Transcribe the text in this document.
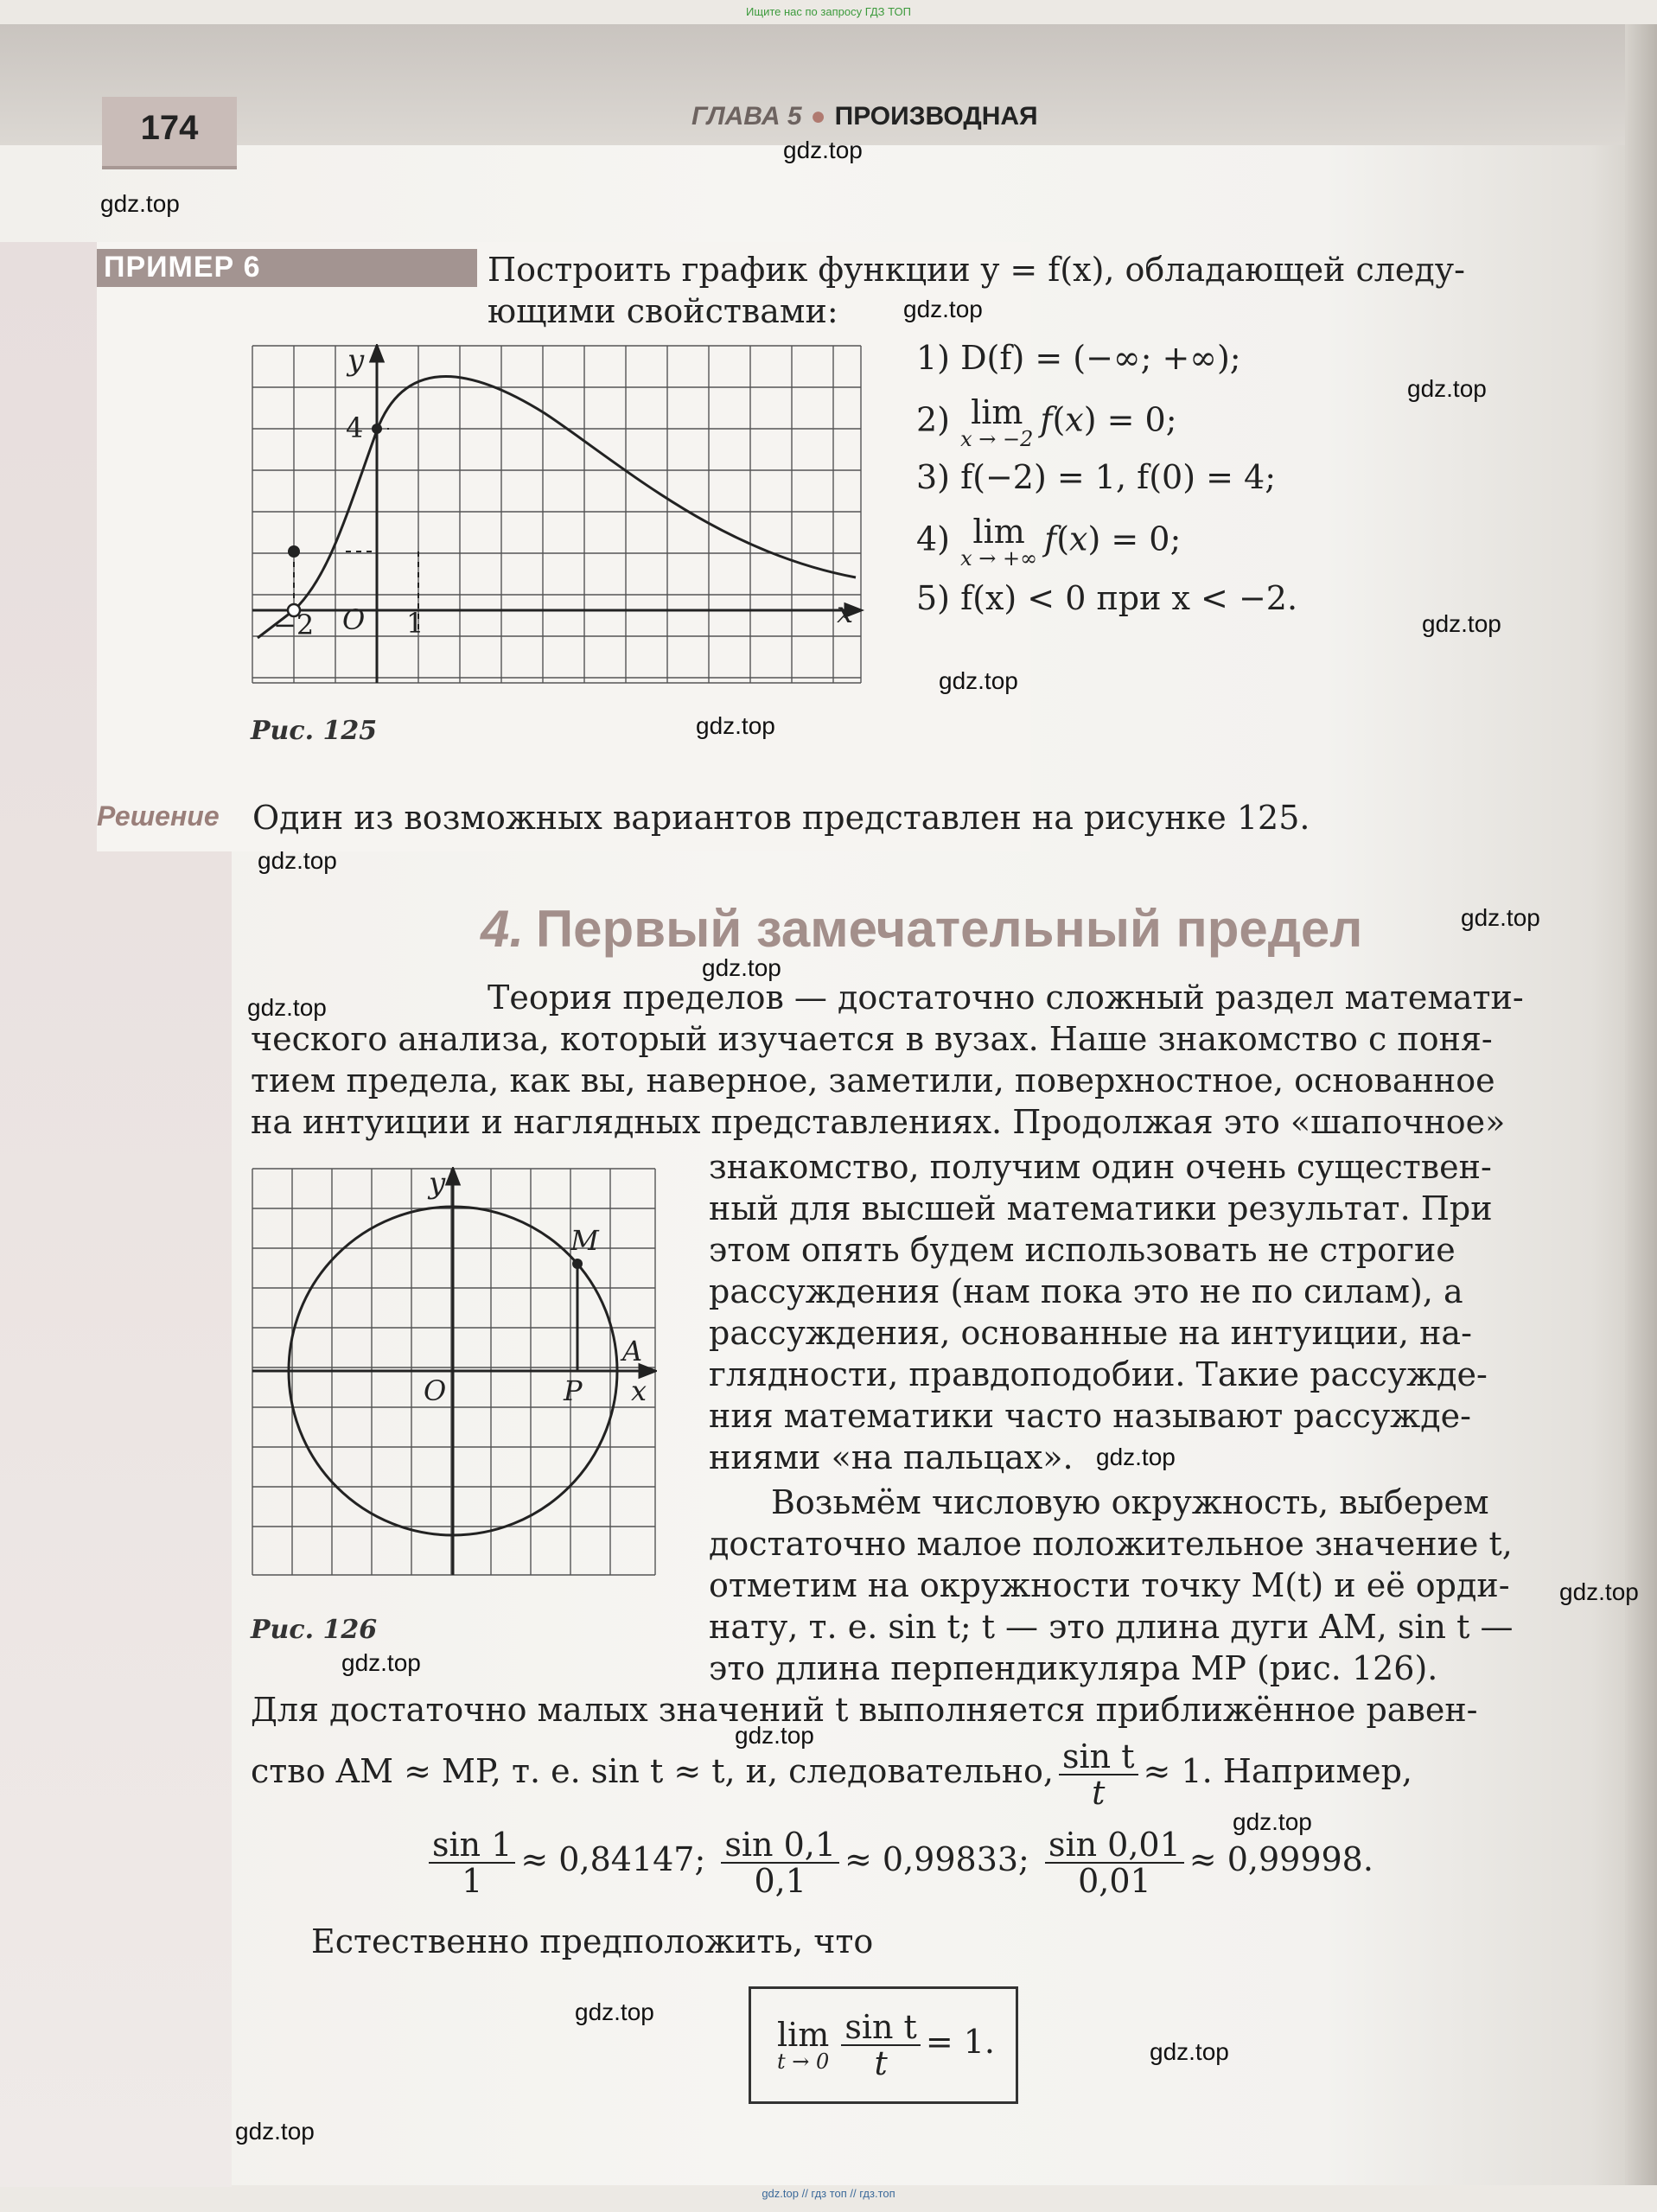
Ищите нас по запросу ГДЗ ТОП
174	ГЛАВА 5 ● ПРОИЗВОДНАЯ
ПРИМЕР 6	Построить график функции y = f(x), обладающей следу-
ющими свойствами:
1) D(f) = (−∞; +∞);
2) lim
x → −2
f(x) = 0;
3) f(−2) = 1, f(0) = 4;
4) lim
x → +∞
f(x) = 0;
5) f(x) < 0 при x < −2.
y
x
4
O
−2	1
Рис. 125
Решение Один из возможных вариантов представлен на рисунке 125.
4. Первый замечательный предел
Теория пределов — достаточно сложный раздел математи-
ческого анализа, который изучается в вузах. Наше знакомство с поня-
тием предела, как вы, наверное, заметили, поверхностное, основанное
на интуиции и наглядных представлениях. Продолжая это «шапочное»
знакомство, получим один очень существен-
ный для высшей математики результат. При
этом опять будем использовать не строгие
рассуждения (нам пока это не по силам), а
рассуждения, основанные на интуиции, на-
глядности, правдоподобии. Такие рассужде-
ния математики часто называют рассужде-
ниями «на пальцах».
Возьмём числовую окружность, выберем
достаточно малое положительное значение t,
отметим на окружности точку M(t) и её орди-
нату, т. е. sin t; t — это длина дуги AM, sin t —
это длина перпендикуляра MP (рис. 126).
Для достаточно малых значений t выполняется приближённое равен-
ство AM ≈ MP, т. е. sin t ≈ t, и, следовательно, $\frac{\text{sin t}}{t} \approx 1$. Например,
$\frac{\sin 1}{1} \approx 0,84147$; $\frac{\sin 0,1}{0,1} \approx 0,99833$; $\frac{\sin 0,01}{0,01} \approx 0,99998$.
Естественно предположить, что
lim
$t \to 0 \frac{\text{sin t}}{t} = 1$.
y
x
O
M
P
A
Рис. 126
gdz.top
gdz.top
gdz.top
gdz.top
gdz.top
gdz.top
gdz.top
gdz.top
gdz.top
gdz.top
gdz.top
gdz.top
gdz.top
gdz.top
gdz.top
gdz.top
gdz.top
gdz.top
gdz.top
gdz.top // гдз топ // гдз.топ
